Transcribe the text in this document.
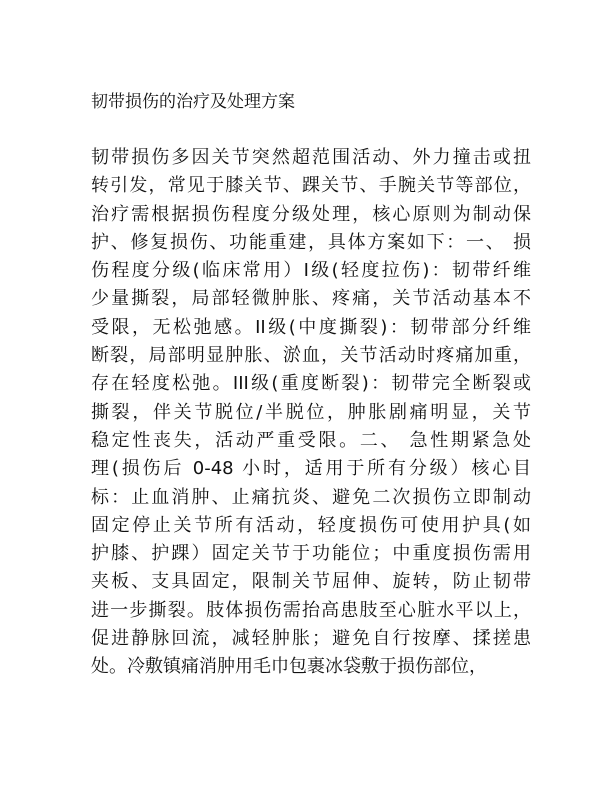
韧带损伤的治疗及处理方案
韧带损伤多因关节突然超范围活动、外力撞击或扭
转引发，常见于膝关节、踝关节、手腕关节等部位，
治疗需根据损伤程度分级处理，核心原则为制动保
护、修复损伤、功能重建，具体方案如下：一、 损
伤程度分级(临床常用）I级(轻度拉伤)：韧带纤维
少量撕裂，局部轻微肿胀、疼痛，关节活动基本不
受限，无松弛感。II级(中度撕裂)：韧带部分纤维
断裂，局部明显肿胀、淤血，关节活动时疼痛加重，
存在轻度松弛。III级(重度断裂)：韧带完全断裂或
撕裂，伴关节脱位/半脱位，肿胀剧痛明显，关节
稳定性丧失，活动严重受限。二、 急性期紧急处
理(损伤后 0-48 小时，适用于所有分级）核心目
标：止血消肿、止痛抗炎、避免二次损伤立即制动
固定停止关节所有活动，轻度损伤可使用护具(如
护膝、护踝）固定关节于功能位；中重度损伤需用
夹板、支具固定，限制关节屈伸、旋转，防止韧带
进一步撕裂。肢体损伤需抬高患肢至心脏水平以上，
促进静脉回流，减轻肿胀；避免自行按摩、揉搓患
处。冷敷镇痛消肿用毛巾包裹冰袋敷于损伤部位，
